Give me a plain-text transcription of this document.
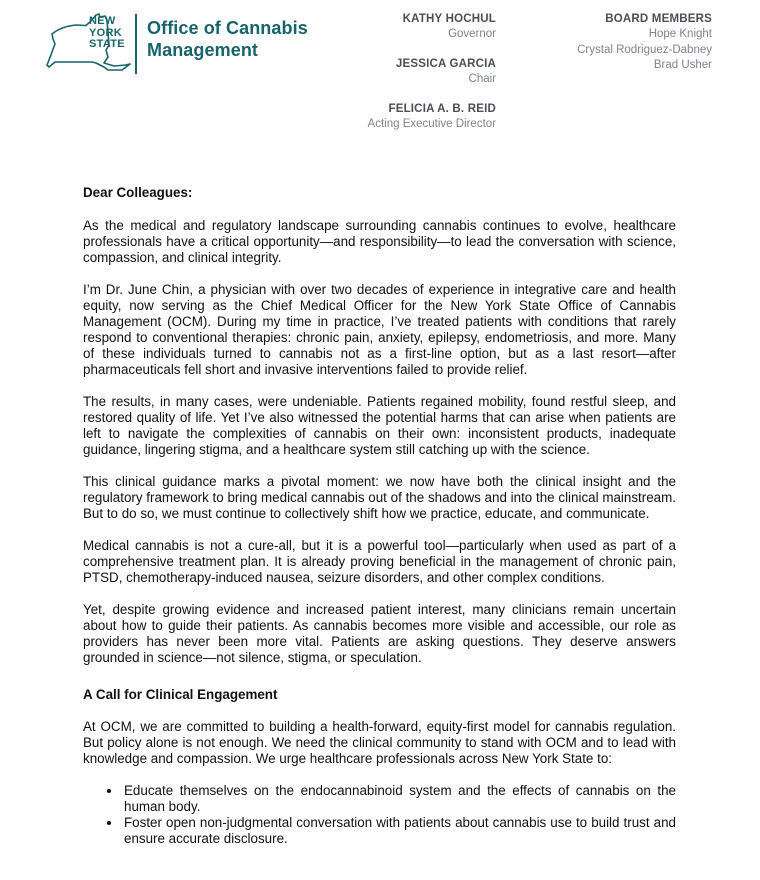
NEW
YORK
STATE
Office of Cannabis
Management
KATHY HOCHUL
Governor
JESSICA GARCIA
Chair
FELICIA A. B. REID
Acting Executive Director
BOARD MEMBERS
Hope Knight
Crystal Rodriguez-Dabney
Brad Usher

Dear Colleagues:

As the medical and regulatory landscape surrounding cannabis continues to evolve, healthcare professionals have a critical opportunity—and responsibility—to lead the conversation with science, compassion, and clinical integrity.

I’m Dr. June Chin, a physician with over two decades of experience in integrative care and health equity, now serving as the Chief Medical Officer for the New York State Office of Cannabis Management (OCM). During my time in practice, I’ve treated patients with conditions that rarely respond to conventional therapies: chronic pain, anxiety, epilepsy, endometriosis, and more. Many of these individuals turned to cannabis not as a first-line option, but as a last resort—after pharmaceuticals fell short and invasive interventions failed to provide relief.

The results, in many cases, were undeniable. Patients regained mobility, found restful sleep, and restored quality of life. Yet I’ve also witnessed the potential harms that can arise when patients are left to navigate the complexities of cannabis on their own: inconsistent products, inadequate guidance, lingering stigma, and a healthcare system still catching up with the science.

This clinical guidance marks a pivotal moment: we now have both the clinical insight and the regulatory framework to bring medical cannabis out of the shadows and into the clinical mainstream. But to do so, we must continue to collectively shift how we practice, educate, and communicate.

Medical cannabis is not a cure-all, but it is a powerful tool—particularly when used as part of a comprehensive treatment plan. It is already proving beneficial in the management of chronic pain, PTSD, chemotherapy-induced nausea, seizure disorders, and other complex conditions.

Yet, despite growing evidence and increased patient interest, many clinicians remain uncertain about how to guide their patients. As cannabis becomes more visible and accessible, our role as providers has never been more vital. Patients are asking questions. They deserve answers grounded in science—not silence, stigma, or speculation.

A Call for Clinical Engagement

At OCM, we are committed to building a health-forward, equity-first model for cannabis regulation. But policy alone is not enough. We need the clinical community to stand with OCM and to lead with knowledge and compassion. We urge healthcare professionals across New York State to:

• Educate themselves on the endocannabinoid system and the effects of cannabis on the human body.
• Foster open non-judgmental conversation with patients about cannabis use to build trust and ensure accurate disclosure.
